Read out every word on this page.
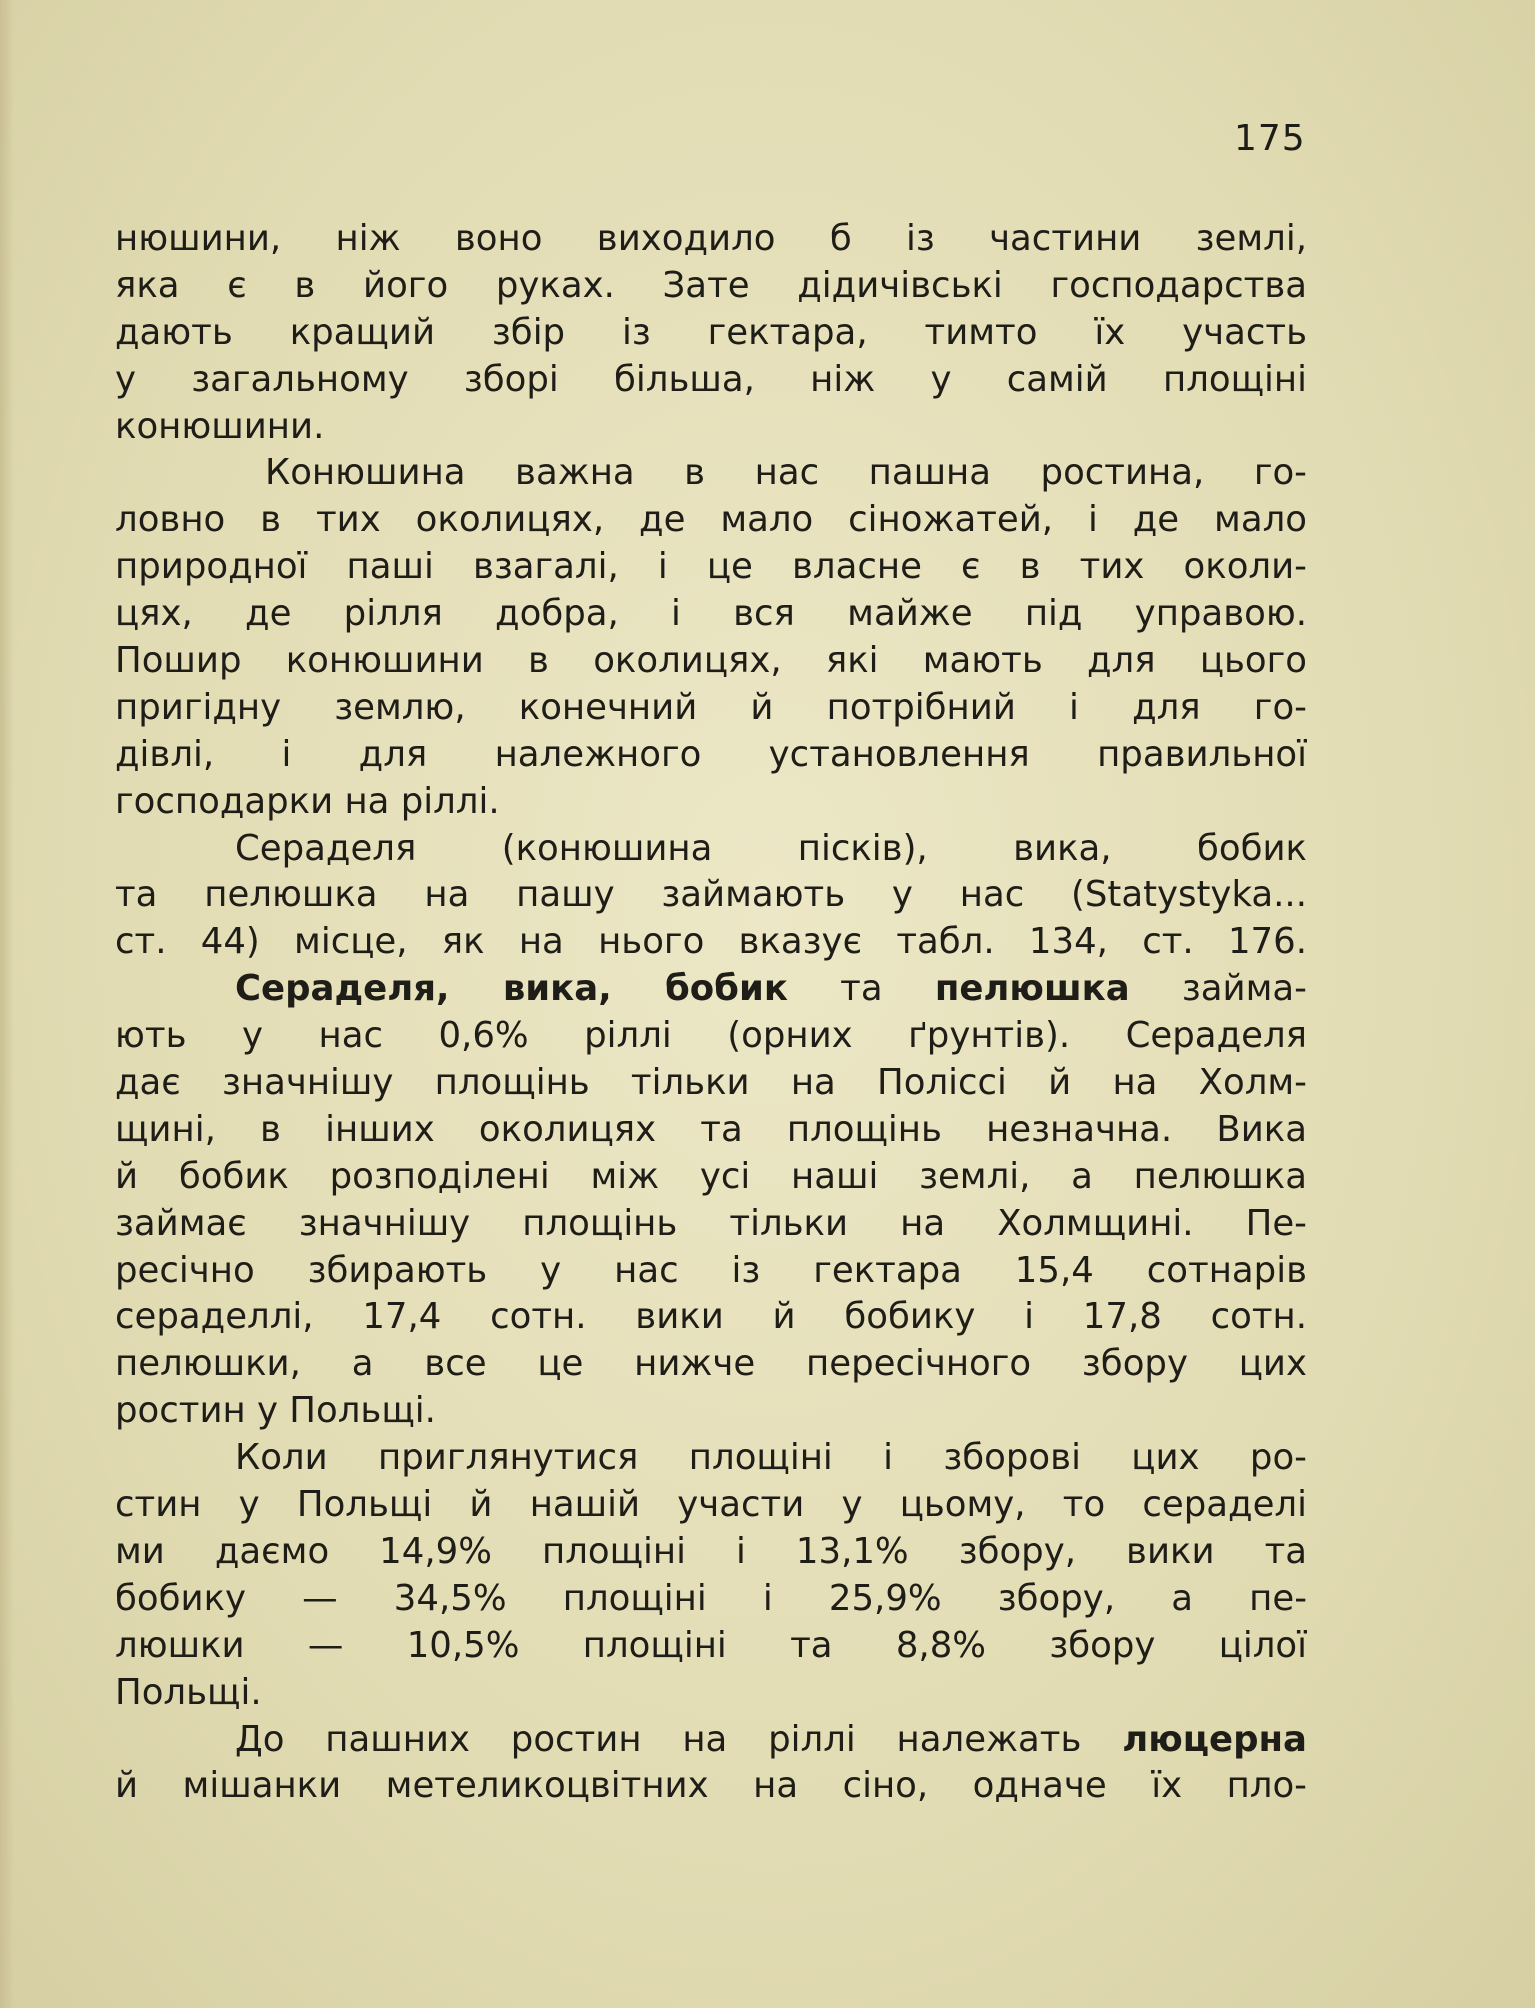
175
нюшини, ніж воно виходило б із частини землі,
яка є в його руках. Зате дідичівські господарства
дають кращий збір із гектара, тимто їх участь
у загальному зборі більша, ніж у самій площіні
конюшини.
Конюшина важна в нас пашна ростина, го-
ловно в тих околицях, де мало сіножатей, і де мало
природної паші взагалі, і це власне є в тих околи-
цях, де рілля добра, і вся майже під управою.
Пошир конюшини в околицях, які мають для цього
пригідну землю, конечний й потрібний і для го-
дівлі, і для належного установлення правильної
господарки на ріллі.
Сераделя (конюшина пісків), вика, бобик
та пелюшка на пашу займають у нас (Statystyka...
ст. 44) місце, як на нього вказує табл. 134, ст. 176.
Сераделя, вика, бобик та пелюшка займа-
ють у нас 0,6% ріллі (орних ґрунтів). Сераделя
дає значнішу площінь тільки на Поліссі й на Холм-
щині, в інших околицях та площінь незначна. Вика
й бобик розподілені між усі наші землі, а пелюшка
займає значнішу площінь тільки на Холмщині. Пе-
ресічно збирають у нас із гектара 15,4 сотнарів
сераделлі, 17,4 сотн. вики й бобику і 17,8 сотн.
пелюшки, а все це нижче пересічного збору цих
ростин у Польщі.
Коли приглянутися площіні і зборові цих ро-
стин у Польщі й нашій участи у цьому, то сераделі
ми даємо 14,9% площіні і 13,1% збору, вики та
бобику — 34,5% площіні і 25,9% збору, а пе-
люшки — 10,5% площіні та 8,8% збору цілої
Польщі.
До пашних ростин на ріллі належать люцерна
й мішанки метеликоцвітних на сіно, одначе їх пло-
